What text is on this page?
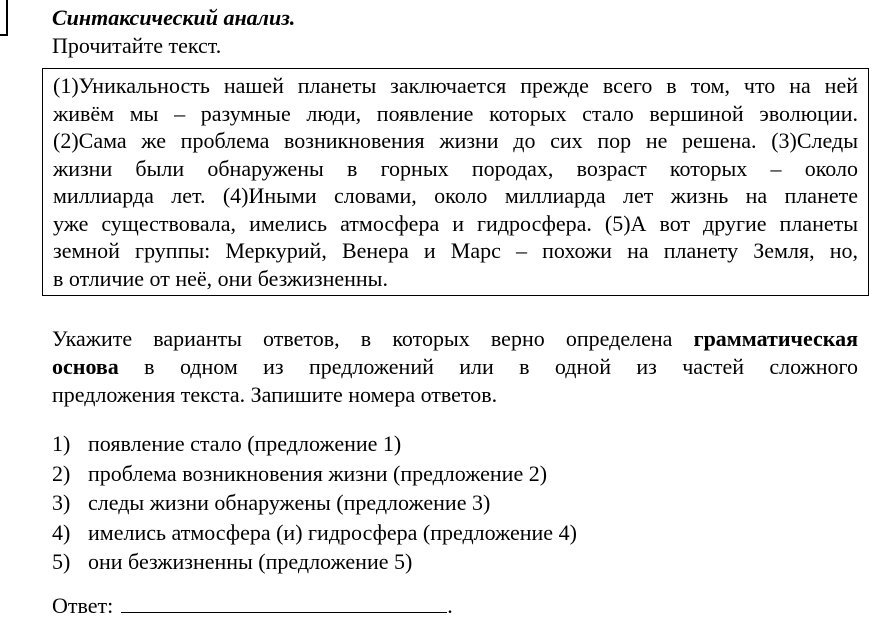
Синтаксический анализ.
Прочитайте текст.
(1)Уникальность нашей планеты заключается прежде всего в том, что на ней
живём мы – разумные люди, появление которых стало вершиной эволюции.
(2)Сама же проблема возникновения жизни до сих пор не решена. (3)Следы
жизни были обнаружены в горных породах, возраст которых – около
миллиарда лет. (4)Иными словами, около миллиарда лет жизнь на планете
уже существовала, имелись атмосфера и гидросфера. (5)А вот другие планеты
земной группы: Меркурий, Венера и Марс – похожи на планету Земля, но,
в отличие от неё, они безжизненны.
Укажите варианты ответов, в которых верно определена грамматическая
основа в одном из предложений или в одной из частей сложного
предложения текста. Запишите номера ответов.
1) появление стало (предложение 1)
2) проблема возникновения жизни (предложение 2)
3) следы жизни обнаружены (предложение 3)
4) имелись атмосфера (и) гидросфера (предложение 4)
5) они безжизненны (предложение 5)
Ответ:	.
